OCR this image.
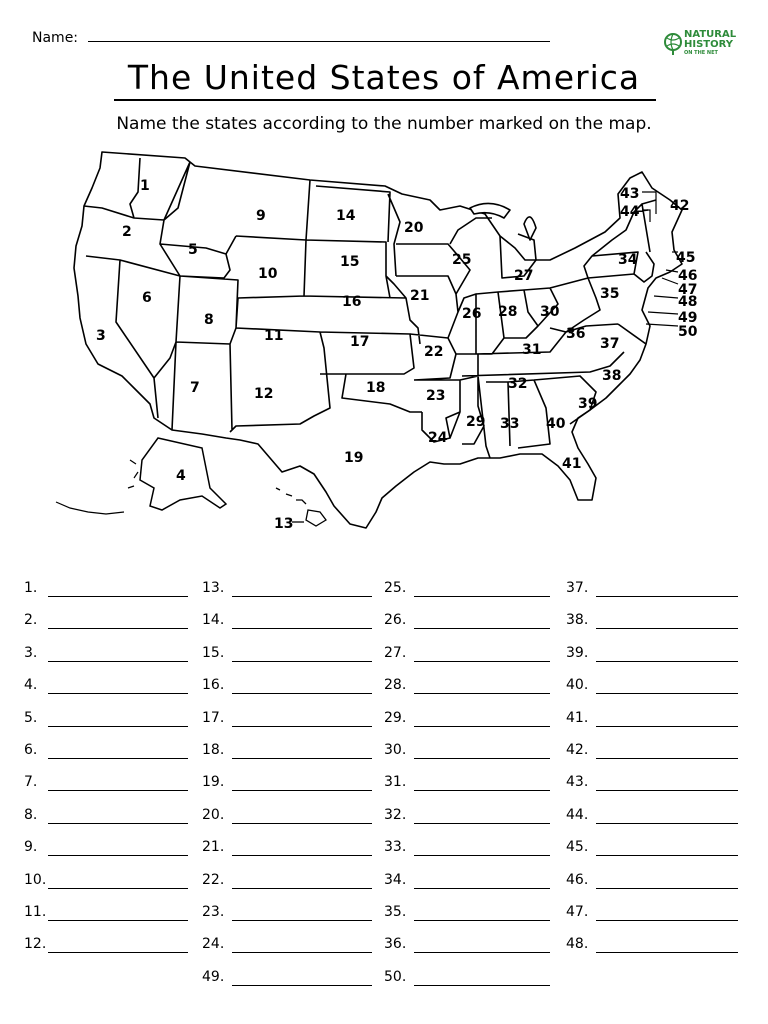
Name:	NATURAL
HISTORY
ON THE NET
The United States of America
Name the states according to the number marked on the map.
1
2
3
4
5
6
7
8
9
10
11
12
13
14
15
16
17
18
19
20
21
22
23
24
25
26
27
28
29
30
31
32
33
34
35
36
37
38
39
40
41
42
43
44
45
46
47
48
49
50
1.
2.
3.
4.
5.
6.
7.
8.
9.
10.
11.
12.
13.
14.
15.
16.
17.
18.
19.
20.
21.
22.
23.
24.
49.
25.
26.
27.
28.
29.
30.
31.
32.
33.
34.
35.
36.
50.
37.
38.
39.
40.
41.
42.
43.
44.
45.
46.
47.
48.
